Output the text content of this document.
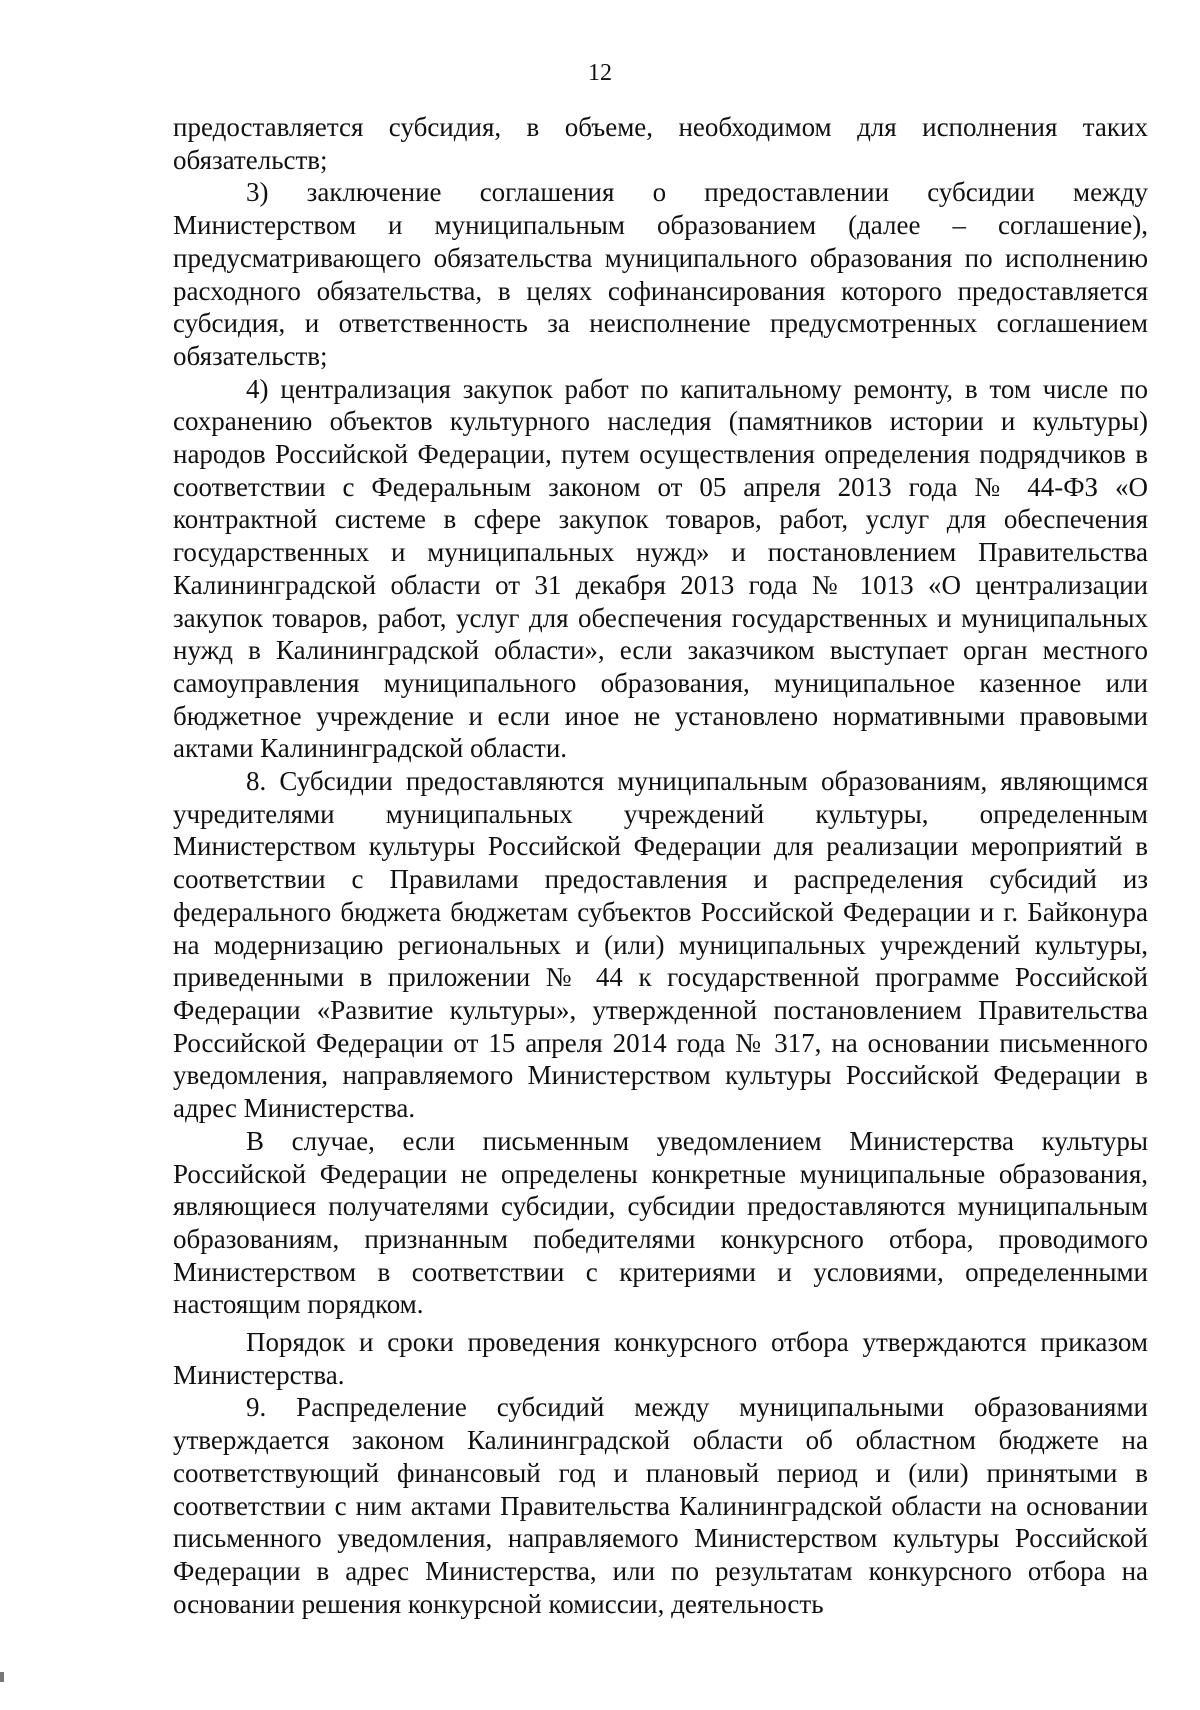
12

предоставляется субсидия, в объеме, необходимом для исполнения таких обязательств;

3) заключение соглашения о предоставлении субсидии между Министерством и муниципальным образованием (далее – соглашение), предусматривающего обязательства муниципального образования по исполнению расходного обязательства, в целях софинансирования которого предоставляется субсидия, и ответственность за неисполнение предусмотренных соглашением обязательств;

4) централизация закупок работ по капитальному ремонту, в том числе по сохранению объектов культурного наследия (памятников истории и культуры) народов Российской Федерации, путем осуществления определения подрядчиков в соответствии с Федеральным законом от 05 апреля 2013 года № 44-ФЗ «О контрактной системе в сфере закупок товаров, работ, услуг для обеспечения государственных и муниципальных нужд» и постановлением Правительства Калининградской области от 31 декабря 2013 года № 1013 «О централизации закупок товаров, работ, услуг для обеспечения государственных и муниципальных нужд в Калининградской области», если заказчиком выступает орган местного самоуправления муниципального образования, муниципальное казенное или бюджетное учреждение и если иное не установлено нормативными правовыми актами Калининградской области.

8. Субсидии предоставляются муниципальным образованиям, являющимся учредителями муниципальных учреждений культуры, определенным Министерством культуры Российской Федерации для реализации мероприятий в соответствии с Правилами предоставления и распределения субсидий из федерального бюджета бюджетам субъектов Российской Федерации и г. Байконура на модернизацию региональных и (или) муниципальных учреждений культуры, приведенными в приложении № 44 к государственной программе Российской Федерации «Развитие культуры», утвержденной постановлением Правительства Российской Федерации от 15 апреля 2014 года № 317, на основании письменного уведомления, направляемого Министерством культуры Российской Федерации в адрес Министерства.

В случае, если письменным уведомлением Министерства культуры Российской Федерации не определены конкретные муниципальные образования, являющиеся получателями субсидии, субсидии предоставляются муниципальным образованиям, признанным победителями конкурсного отбора, проводимого Министерством в соответствии с критериями и условиями, определенными настоящим порядком.

Порядок и сроки проведения конкурсного отбора утверждаются приказом Министерства.

9. Распределение субсидий между муниципальными образованиями утверждается законом Калининградской области об областном бюджете на соответствующий финансовый год и плановый период и (или) принятыми в соответствии с ним актами Правительства Калининградской области на основании письменного уведомления, направляемого Министерством культуры Российской Федерации в адрес Министерства, или по результатам конкурсного отбора на основании решения конкурсной комиссии, деятельность
